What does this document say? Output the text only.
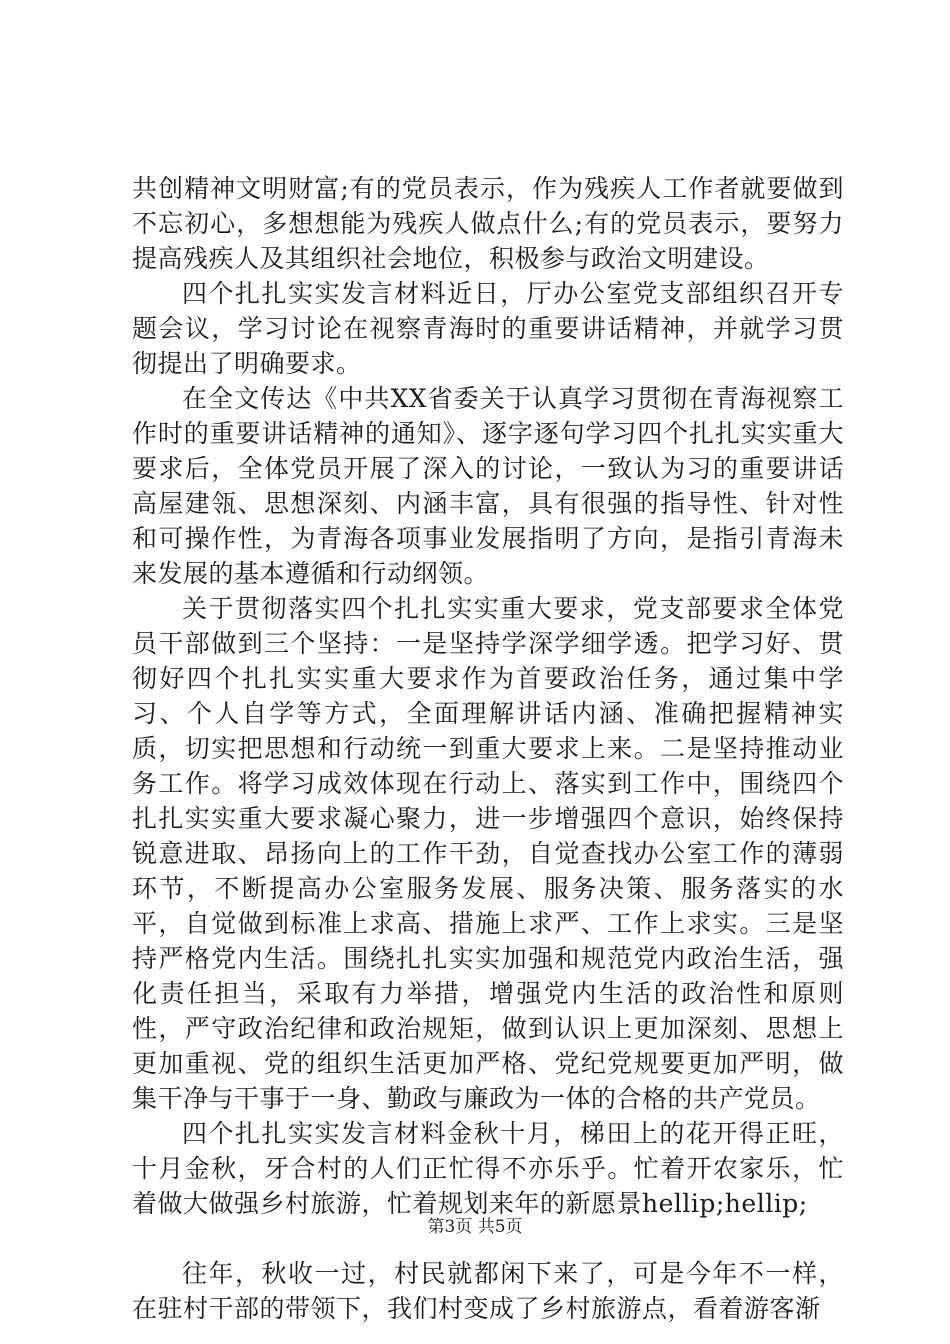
共创精神文明财富;有的党员表示，作为残疾人工作者就要做到不忘初心，多想想能为残疾人做点什么;有的党员表示，要努力提高残疾人及其组织社会地位，积极参与政治文明建设。

四个扎扎实实发言材料近日，厅办公室党支部组织召开专题会议，学习讨论在视察青海时的重要讲话精神，并就学习贯彻提出了明确要求。

在全文传达《中共XX省委关于认真学习贯彻在青海视察工作时的重要讲话精神的通知》、逐字逐句学习四个扎扎实实重大要求后，全体党员开展了深入的讨论，一致认为习的重要讲话高屋建瓴、思想深刻、内涵丰富，具有很强的指导性、针对性和可操作性，为青海各项事业发展指明了方向，是指引青海未来发展的基本遵循和行动纲领。

关于贯彻落实四个扎扎实实重大要求，党支部要求全体党员干部做到三个坚持：一是坚持学深学细学透。把学习好、贯彻好四个扎扎实实重大要求作为首要政治任务，通过集中学习、个人自学等方式，全面理解讲话内涵、准确把握精神实质，切实把思想和行动统一到重大要求上来。二是坚持推动业务工作。将学习成效体现在行动上、落实到工作中，围绕四个扎扎实实重大要求凝心聚力，进一步增强四个意识，始终保持锐意进取、昂扬向上的工作干劲，自觉查找办公室工作的薄弱环节，不断提高办公室服务发展、服务决策、服务落实的水平，自觉做到标准上求高、措施上求严、工作上求实。三是坚持严格党内生活。围绕扎扎实实加强和规范党内政治生活，强化责任担当，采取有力举措，增强党内生活的政治性和原则性，严守政治纪律和政治规矩，做到认识上更加深刻、思想上更加重视、党的组织生活更加严格、党纪党规要更加严明，做集干净与干事于一身、勤政与廉政为一体的合格的共产党员。

四个扎扎实实发言材料金秋十月，梯田上的花开得正旺，十月金秋，牙合村的人们正忙得不亦乐乎。忙着开农家乐，忙着做大做强乡村旅游，忙着规划来年的新愿景hellip;hellip;

往年，秋收一过，村民就都闲下来了，可是今年不一样，在驻村干部的带领下，我们村变成了乡村旅游点，看着游客渐

第3页 共5页
